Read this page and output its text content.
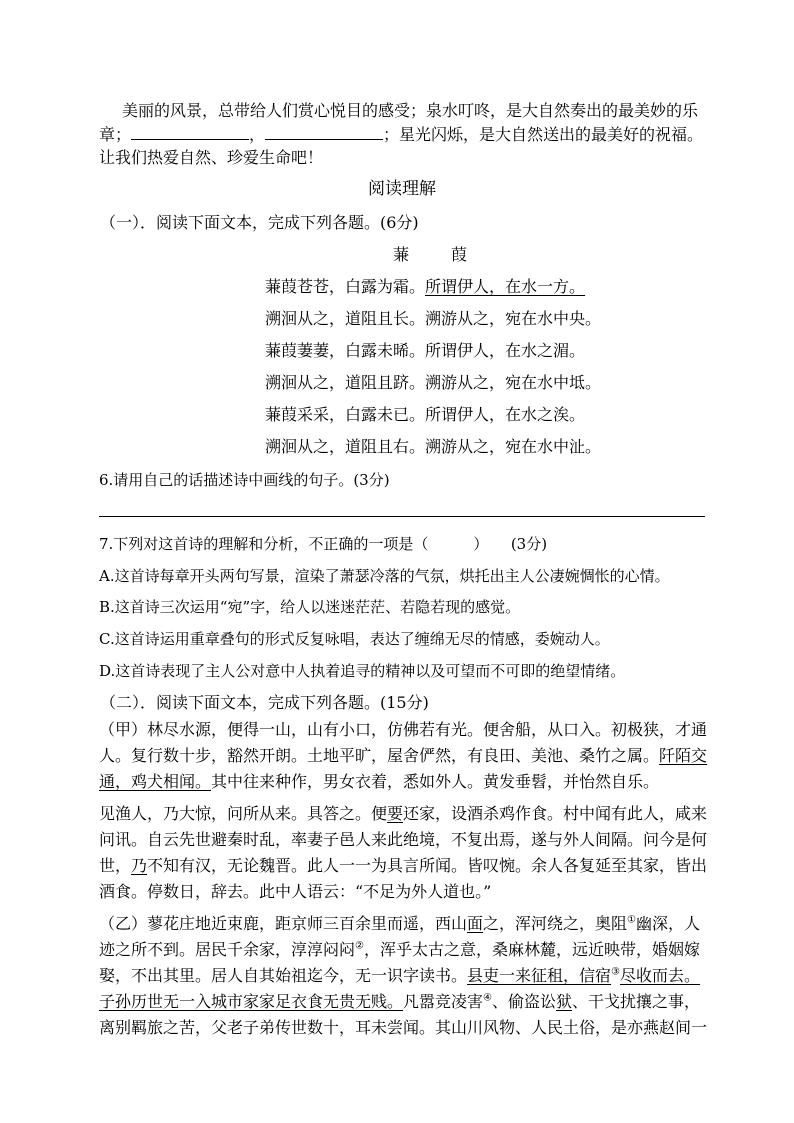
美丽的风景，总带给人们赏心悦目的感受；泉水叮咚，是大自然奏出的最美妙的乐
章；	，	；星光闪烁，是大自然送出的最美好的祝福。
让我们热爱自然、珍爱生命吧！
阅读理解
（一）．阅读下面文本，完成下列各题。(6分)
蒹	葭
蒹葭苍苍，白露为霜。所谓伊人，在水一方。
溯洄从之，道阻且长。溯游从之，宛在水中央。
蒹葭萋萋，白露未晞。所谓伊人，在水之湄。
溯洄从之，道阻且跻。溯游从之，宛在水中坻。
蒹葭采采，白露未已。所谓伊人，在水之涘。
溯洄从之，道阻且右。溯游从之，宛在水中沚。
6.请用自己的话描述诗中画线的句子。(3分)
7.下列对这首诗的理解和分析，不正确的一项是（　　　）　　(3分)
A.这首诗每章开头两句写景，渲染了萧瑟冷落的气氛，烘托出主人公凄婉惆怅的心情。
B.这首诗三次运用“宛”字，给人以迷迷茫茫、若隐若现的感觉。
C.这首诗运用重章叠句的形式反复咏唱，表达了缠绵无尽的情感，委婉动人。
D.这首诗表现了主人公对意中人执着追寻的精神以及可望而不可即的绝望情绪。
（二）．阅读下面文本，完成下列各题。(15分)
（甲）林尽水源，便得一山，山有小口，仿佛若有光。便舍船，从口入。初极狭，才通
人。复行数十步，豁然开朗。土地平旷，屋舍俨然，有良田、美池、桑竹之属。阡陌交
通，鸡犬相闻。其中往来种作，男女衣着，悉如外人。黄发垂髫，并怡然自乐。
见渔人，乃大惊，问所从来。具答之。便要还家，设酒杀鸡作食。村中闻有此人，咸来
问讯。自云先世避秦时乱，率妻子邑人来此绝境，不复出焉，遂与外人间隔。问今是何
世，乃不知有汉，无论魏晋。此人一一为具言所闻。皆叹惋。余人各复延至其家，皆出
酒食。停数日，辞去。此中人语云：“不足为外人道也。”
（乙）蓼花庄地近束鹿，距京师三百余里而遥，西山面之，浑河绕之，奥阻①幽深，人
迹之所不到。居民千余家，淳淳闷闷②，浑乎太古之意，桑麻林麓，远近映带，婚姻嫁
娶，不出其里。居人自其始祖迄今，无一识字读书。县吏一来征租，信宿③尽收而去。
子孙历世无一入城市家家足衣食无贵无贱。凡嚣竞凌害④、偷盗讼狱、干戈扰攘之事，
离别羁旅之苦，父老子弟传世数十，耳未尝闻。其山川风物、人民土俗，是亦燕赵间一
